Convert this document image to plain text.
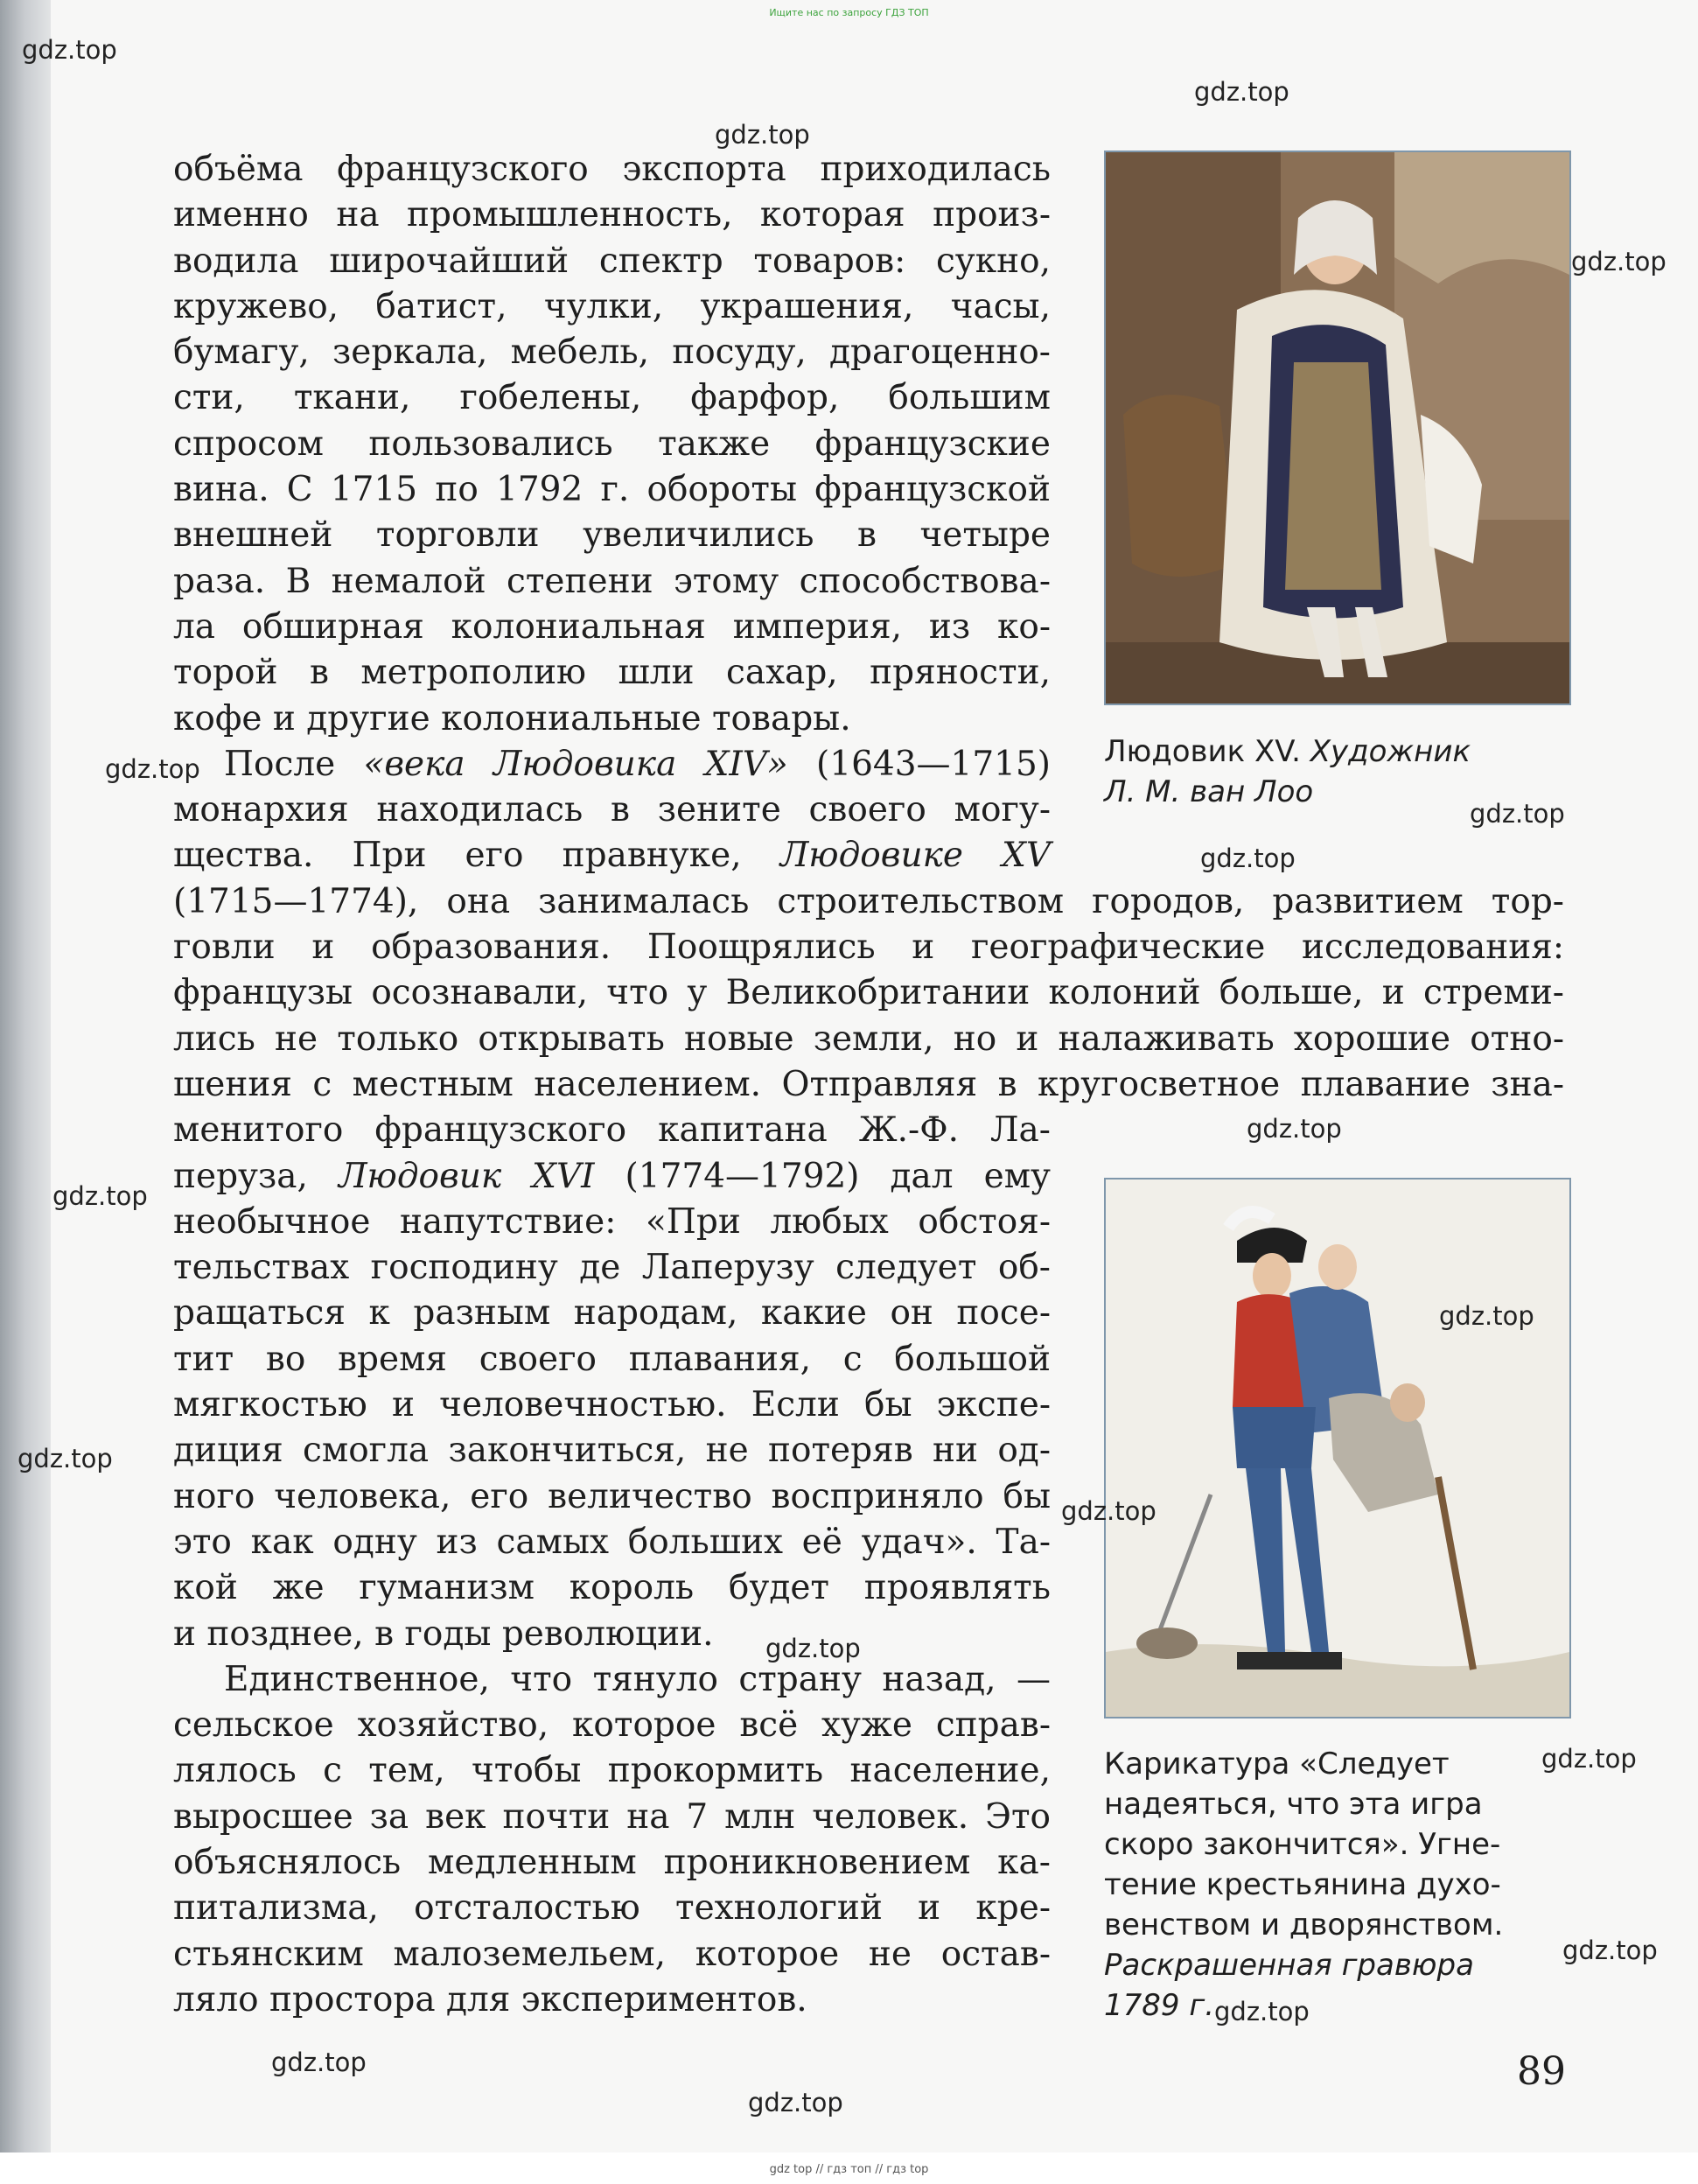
Ищите нас по запросу ГДЗ ТОП
объёма французского экспорта приходилась
именно на промышленность, которая произ-
водила широчайший спектр товаров: сукно,
кружево, батист, чулки, украшения, часы,
бумагу, зеркала, мебель, посуду, драгоценно-
сти, ткани, гобелены, фарфор, большим
спросом пользовались также французские
вина. С 1715 по 1792 г. обороты французской
внешней торговли увеличились в четыре
раза. В немалой степени этому способствова-
ла обширная колониальная империя, из ко-
торой в метрополию шли сахар, пряности,
кофе и другие колониальные товары.
После «века Людовика XIV» (1643—1715)
монархия находилась в зените своего могу-
щества. При его правнуке, Людовике XV
(1715—1774), она занималась строительством городов, развитием тор-
говли и образования. Поощрялись и географические исследования:
французы осознавали, что у Великобритании колоний больше, и стреми-
лись не только открывать новые земли, но и налаживать хорошие отно-
шения с местным населением. Отправляя в кругосветное плавание зна-
менитого французского капитана Ж.-Ф. Ла-
перуза, Людовик XVI (1774—1792) дал ему
необычное напутствие: «При любых обстоя-
тельствах господину де Лаперузу следует об-
ращаться к разным народам, какие он посе-
тит во время своего плавания, с большой
мягкостью и человечностью. Если бы экспе-
диция смогла закончиться, не потеряв ни од-
ного человека, его величество восприняло бы
это как одну из самых больших её удач». Та-
кой же гуманизм король будет проявлять
и позднее, в годы революции.
Единственное, что тянуло страну назад, —
сельское хозяйство, которое всё хуже справ-
лялось с тем, чтобы прокормить население,
выросшее за век почти на 7 млн человек. Это
объяснялось медленным проникновением ка-
питализма, отсталостью технологий и кре-
стьянским малоземельем, которое не остав-
ляло простора для экспериментов.
Людовик XV. Художник
Л. М. ван Лоо
Карикатура «Следует
надеяться, что эта игра
скоро закончится». Угне-
тение крестьянина духо-
венством и дворянством.
Раскрашенная гравюра
1789 г.
89
gdz.top
gdz.top
gdz.top
gdz.top
gdz.top
gdz.top
gdz.top
gdz.top
gdz.top
gdz.top
gdz.top
gdz.top
gdz.top
gdz.top
gdz.top
gdz.top
gdz.top
gdz.top
gdz top // гдз топ // гдз top
